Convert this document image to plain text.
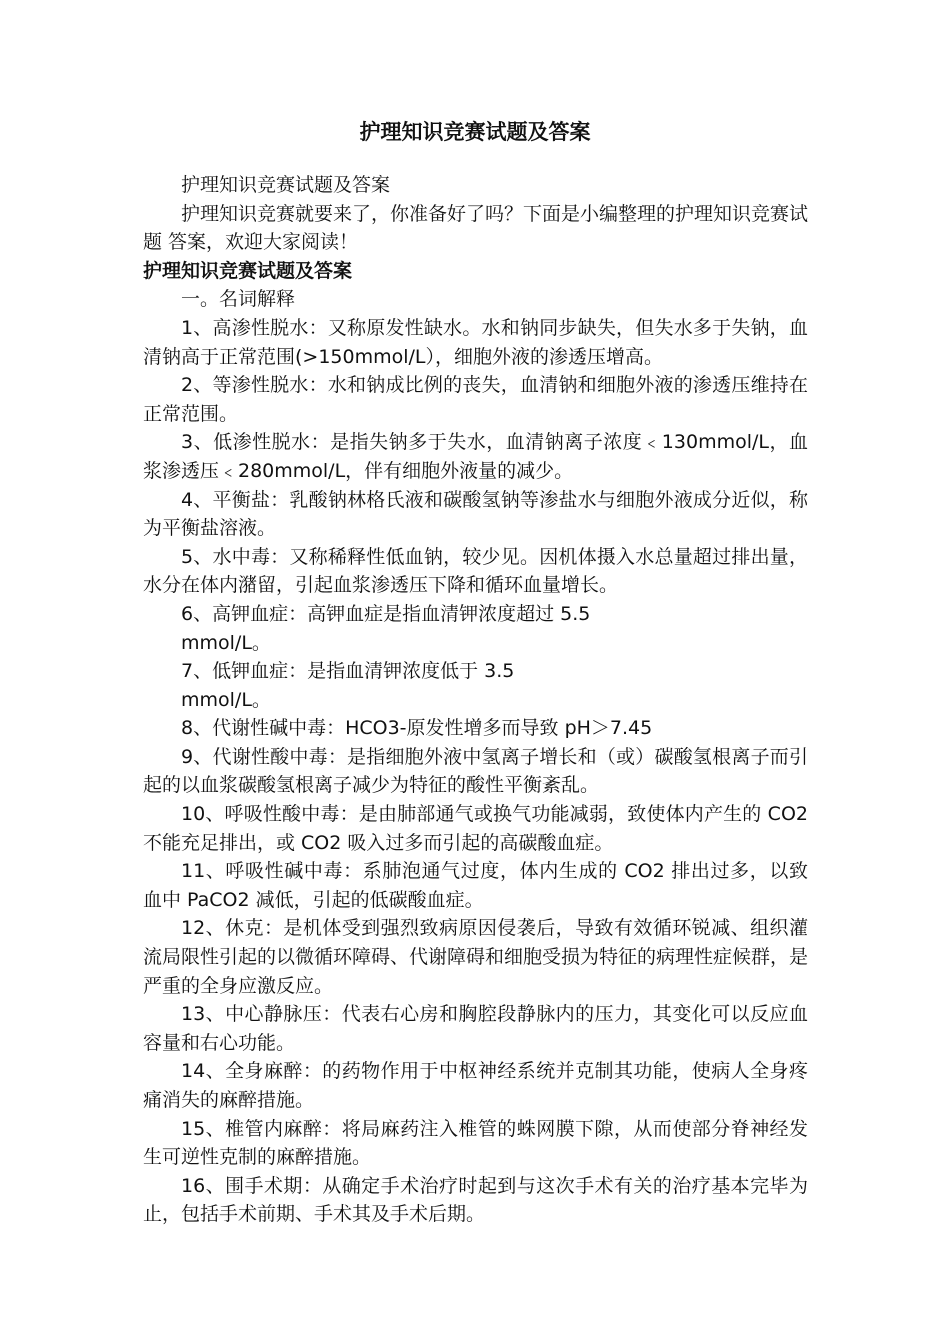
护理知识竞赛试题及答案

护理知识竞赛试题及答案

护理知识竞赛就要来了，你准备好了吗？下面是小编整理的护理知识竞赛试题 答案，欢迎大家阅读！

护理知识竞赛试题及答案

一。名词解释

1、高渗性脱水：又称原发性缺水。水和钠同步缺失，但失水多于失钠，血清钠高于正常范围(>150mmol/L），细胞外液的渗透压增高。

2、等渗性脱水：水和钠成比例的丧失，血清钠和细胞外液的渗透压维持在正常范围。

3、低渗性脱水：是指失钠多于失水，血清钠离子浓度﹤130mmol/L，血浆渗透压﹤280mmol/L，伴有细胞外液量的减少。

4、平衡盐：乳酸钠林格氏液和碳酸氢钠等渗盐水与细胞外液成分近似，称为平衡盐溶液。

5、水中毒：又称稀释性低血钠，较少见。因机体摄入水总量超过排出量，水分在体内潴留，引起血浆渗透压下降和循环血量增长。

6、高钾血症：高钾血症是指血清钾浓度超过 5.5
mmol/L。
7、低钾血症：是指血清钾浓度低于 3.5
mmol/L。

8、代谢性碱中毒：HCO3-原发性增多而导致 pH＞7.45

9、代谢性酸中毒：是指细胞外液中氢离子增长和（或）碳酸氢根离子而引起的以血浆碳酸氢根离子减少为特征的酸性平衡紊乱。

10、呼吸性酸中毒：是由肺部通气或换气功能减弱，致使体内产生的 CO2 不能充足排出，或 CO2 吸入过多而引起的高碳酸血症。

11、呼吸性碱中毒：系肺泡通气过度，体内生成的 CO2 排出过多，以致血中 PaCO2 减低，引起的低碳酸血症。

12、休克：是机体受到强烈致病原因侵袭后，导致有效循环锐减、组织灌流局限性引起的以微循环障碍、代谢障碍和细胞受损为特征的病理性症候群，是严重的全身应激反应。

13、中心静脉压：代表右心房和胸腔段静脉内的压力，其变化可以反应血容量和右心功能。

14、全身麻醉：的药物作用于中枢神经系统并克制其功能，使病人全身疼痛消失的麻醉措施。

15、椎管内麻醉：将局麻药注入椎管的蛛网膜下隙，从而使部分脊神经发生可逆性克制的麻醉措施。

16、围手术期：从确定手术治疗时起到与这次手术有关的治疗基本完毕为止，包括手术前期、手术其及手术后期。
